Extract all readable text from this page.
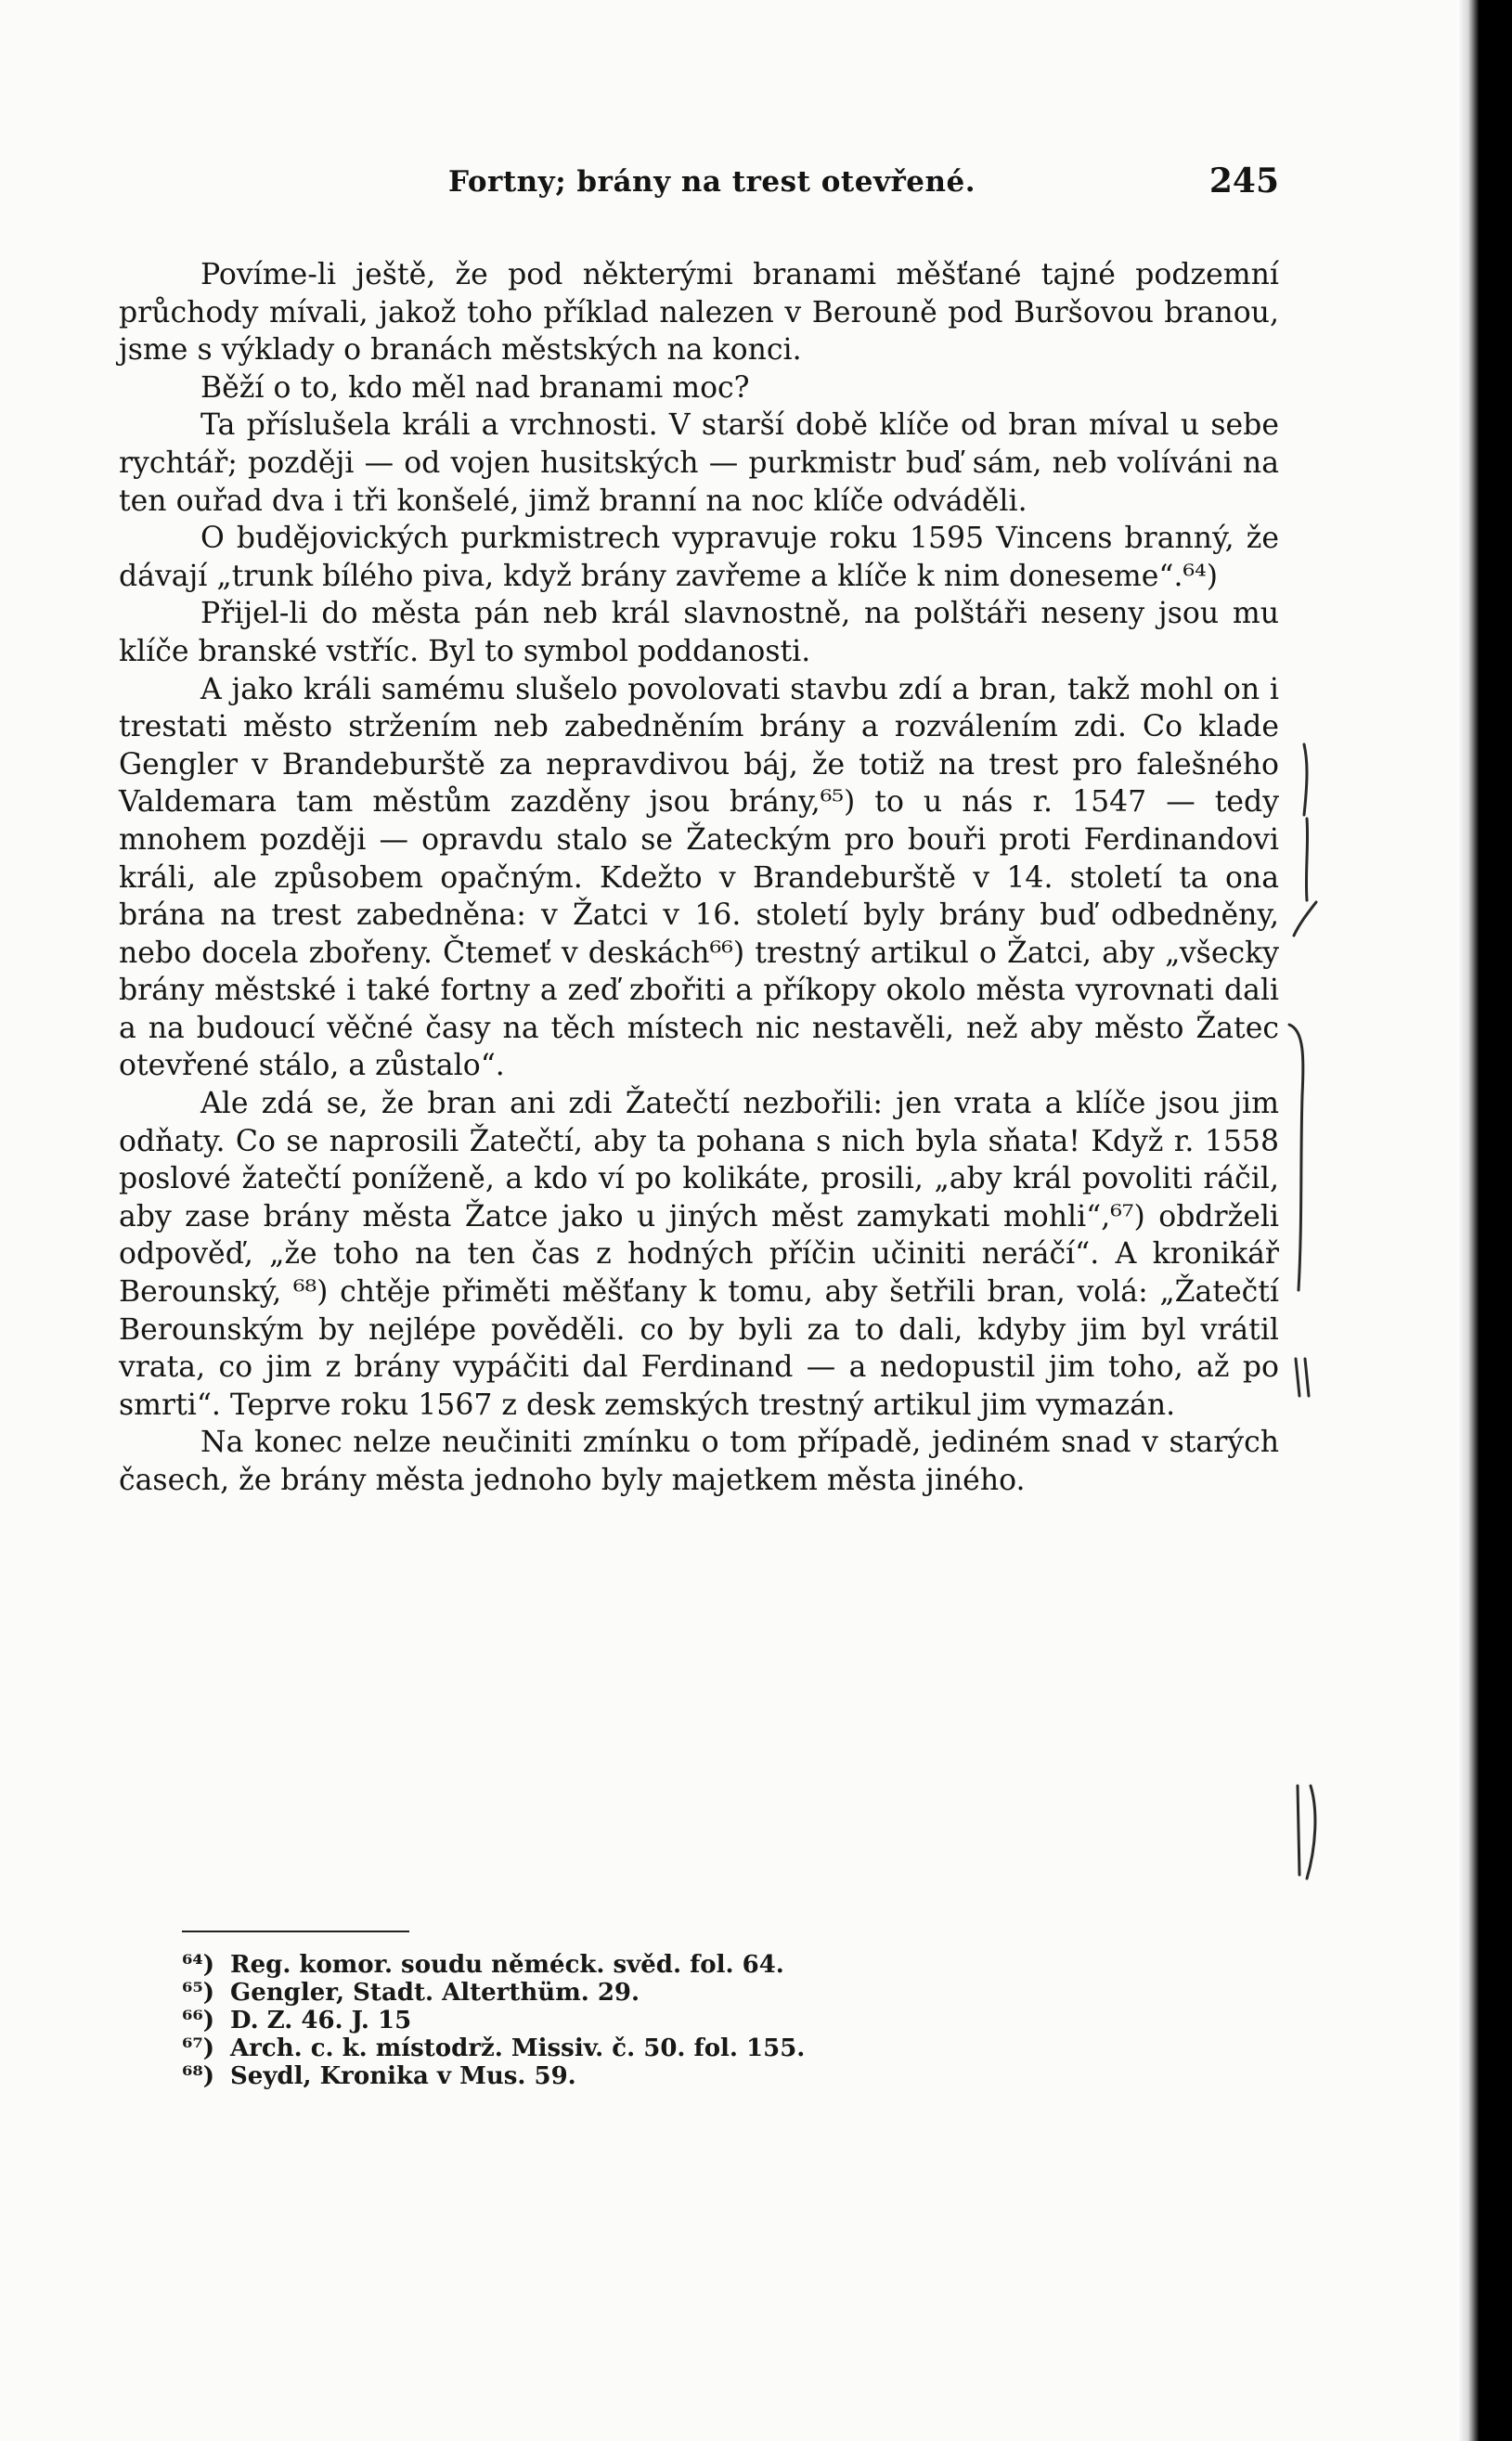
Fortny; brány na trest otevřené.	245

Povíme-li ještě, že pod některými branami měšťané tajné podzemní průchody mívali, jakož toho příklad nalezen v Berouně pod Buršovou branou, jsme s výklady o branách městských na konci.

Běží o to, kdo měl nad branami moc?

Ta příslušela králi a vrchnosti. V starší době klíče od bran míval u sebe rychtář; později — od vojen husitských — purkmistr buď sám, neb volíváni na ten ouřad dva i tři konšelé, jimž branní na noc klíče odváděli.

O budějovických purkmistrech vypravuje roku 1595 Vincens branný, že dávají „trunk bílého piva, když brány zavřeme a klíče k nim doneseme“.⁶⁴)

Přijel-li do města pán neb král slavnostně, na polštáři neseny jsou mu klíče branské vstříc. Byl to symbol poddanosti.

A jako králi samému slušelo povolovati stavbu zdí a bran, takž mohl on i trestati město stržením neb zabedněním brány a rozválením zdi. Co klade Gengler v Brandeburště za nepravdivou báj, že totiž na trest pro falešného Valdemara tam městům zazděny jsou brány,⁶⁵) to u nás r. 1547 — tedy mnohem později — opravdu stalo se Žateckým pro bouři proti Ferdinandovi králi, ale způsobem opačným. Kdežto v Brandeburště v 14. století ta ona brána na trest zabedněna: v Žatci v 16. století byly brány buď odbedněny, nebo docela zbořeny. Čtemeť v deskách⁶⁶) trestný artikul o Žatci, aby „všecky brány městské i také fortny a zeď zbořiti a příkopy okolo města vyrovnati dali a na budoucí věčné časy na těch místech nic nestavěli, než aby město Žatec otevřené stálo, a zůstalo“.

Ale zdá se, že bran ani zdi Žatečtí nezbořili: jen vrata a klíče jsou jim odňaty. Co se naprosili Žatečtí, aby ta pohana s nich byla sňata! Když r. 1558 poslové žatečtí poníženě, a kdo ví po kolikáte, prosili, „aby král povoliti ráčil, aby zase brány města Žatce jako u jiných měst zamykati mohli“,⁶⁷) obdrželi odpověď, „že toho na ten čas z hodných příčin učiniti neráčí“. A kronikář Berounský, ⁶⁸) chtěje přiměti měšťany k tomu, aby šetřili bran, volá: „Žatečtí Berounským by nejlépe pověděli. co by byli za to dali, kdyby jim byl vrátil vrata, co jim z brány vypáčiti dal Ferdinand — a nedopustil jim toho, až po smrti“. Teprve roku 1567 z desk zemských trestný artikul jim vymazán.

Na konec nelze neučiniti zmínku o tom případě, jediném snad v starých časech, že brány města jednoho byly majetkem města jiného.

⁶⁴) Reg. komor. soudu něméck. svěd. fol. 64.

⁶⁵) Gengler, Stadt. Alterthüm. 29.

⁶⁶) D. Z. 46. J. 15

⁶⁷) Arch. c. k. místodrž. Missiv. č. 50. fol. 155.

⁶⁸) Seydl, Kronika v Mus. 59.
